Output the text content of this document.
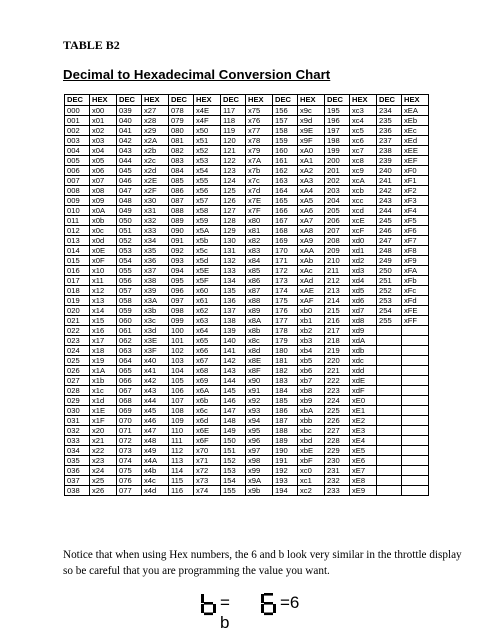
TABLE B2
Decimal to Hexadecimal Conversion Chart
DEC	HEX	DEC	HEX	DEC	HEX	DEC	HEX	DEC	HEX	DEC	HEX	DEC	HEX
000	x00	039	x27	078	x4E	117	x75	156	x9c	195	xc3	234	xEA
001	x01	040	x28	079	x4F	118	x76	157	x9d	196	xc4	235	xEb
002	x02	041	x29	080	x50	119	x77	158	x9E	197	xc5	236	xEc
003	x03	042	x2A	081	x51	120	x78	159	x9F	198	xc6	237	xEd
004	x04	043	x2b	082	x52	121	x79	160	xA0	199	xc7	238	xEE
005	x05	044	x2c	083	x53	122	x7A	161	xA1	200	xc8	239	xEF
006	x06	045	x2d	084	x54	123	x7b	162	xA2	201	xc9	240	xF0
007	x07	046	x2E	085	x55	124	x7c	163	xA3	202	xcA	241	xF1
008	x08	047	x2F	086	x56	125	x7d	164	xA4	203	xcb	242	xF2
009	x09	048	x30	087	x57	126	x7E	165	xA5	204	xcc	243	xF3
010	x0A	049	x31	088	x58	127	x7F	166	xA6	205	xcd	244	xF4
011	x0b	050	x32	089	x59	128	x80	167	xA7	206	xcE	245	xF5
012	x0c	051	x33	090	x5A	129	x81	168	xA8	207	xcF	246	xF6
013	x0d	052	x34	091	x5b	130	x82	169	xA9	208	xd0	247	xF7
014	x0E	053	x35	092	x5c	131	x83	170	xAA	209	xd1	248	xF8
015	x0F	054	x36	093	x5d	132	x84	171	xAb	210	xd2	249	xF9
016	x10	055	x37	094	x5E	133	x85	172	xAc	211	xd3	250	xFA
017	x11	056	x38	095	x5F	134	x86	173	xAd	212	xd4	251	xFb
018	x12	057	x39	096	x60	135	x87	174	xAE	213	xd5	252	xFc
019	x13	058	x3A	097	x61	136	x88	175	xAF	214	xd6	253	xFd
020	x14	059	x3b	098	x62	137	x89	176	xb0	215	xd7	254	xFE
021	x15	060	x3c	099	x63	138	x8A	177	xb1	216	xd8	255	xFF
022	x16	061	x3d	100	x64	139	x8b	178	xb2	217	xd9		
023	x17	062	x3E	101	x65	140	x8c	179	xb3	218	xdA		
024	x18	063	x3F	102	x66	141	x8d	180	xb4	219	xdb		
025	x19	064	x40	103	x67	142	x8E	181	xb5	220	xdc		
026	x1A	065	x41	104	x68	143	x8F	182	xb6	221	xdd		
027	x1b	066	x42	105	x69	144	x90	183	xb7	222	xdE		
028	x1c	067	x43	106	x6A	145	x91	184	xb8	223	xdF		
029	x1d	068	x44	107	x6b	146	x92	185	xb9	224	xE0		
030	x1E	069	x45	108	x6c	147	x93	186	xbA	225	xE1		
031	x1F	070	x46	109	x6d	148	x94	187	xbb	226	xE2		
032	x20	071	x47	110	x6E	149	x95	188	xbc	227	xE3		
033	x21	072	x48	111	x6F	150	x96	189	xbd	228	xE4		
034	x22	073	x49	112	x70	151	x97	190	xbE	229	xE5		
035	x23	074	x4A	113	x71	152	x98	191	xbF	230	xE6		
036	x24	075	x4b	114	x72	153	x99	192	xc0	231	xE7		
037	x25	076	x4c	115	x73	154	x9A	193	xc1	232	xE8		
038	x26	077	x4d	116	x74	155	x9b	194	xc2	233	xE9		
Notice that when using Hex numbers, the 6 and b look very similar in the throttle display so be careful that you are programming the value you want.
= b
=6
